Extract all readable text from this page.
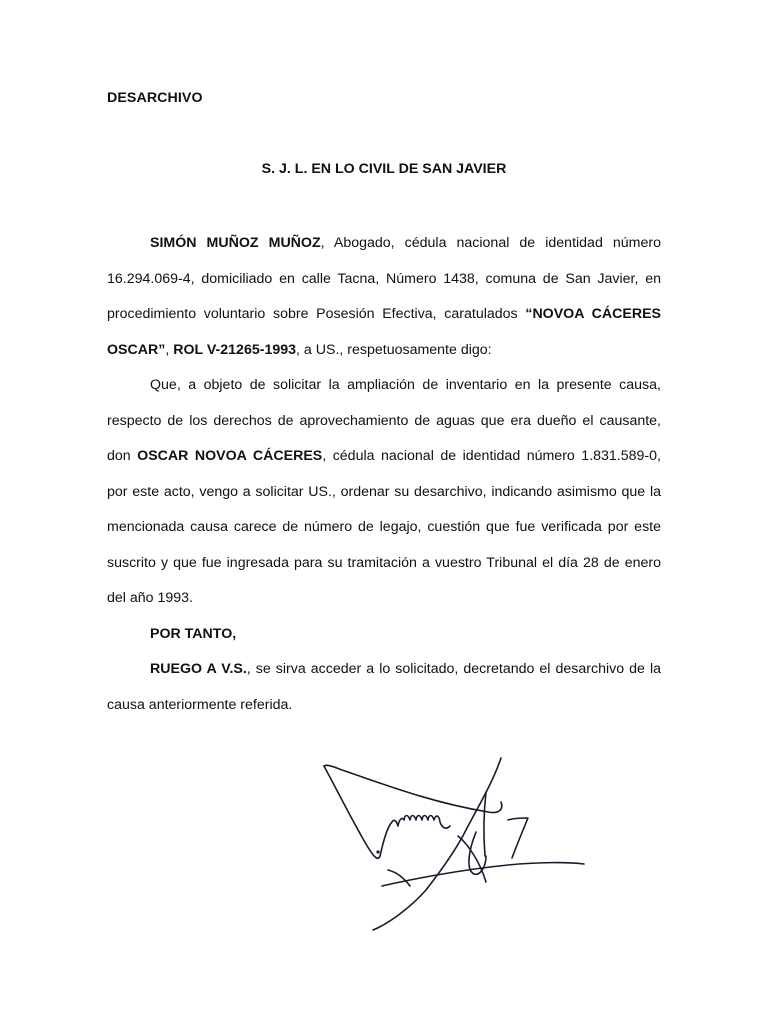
DESARCHIVO
S. J. L. EN LO CIVIL DE SAN JAVIER

SIMÓN MUÑOZ MUÑOZ, Abogado, cédula nacional de identidad número 16.294.069-4, domiciliado en calle Tacna, Número 1438, comuna de San Javier, en procedimiento voluntario sobre Posesión Efectiva, caratulados “NOVOA CÁCERES OSCAR”, ROL V-21265-1993, a US., respetuosamente digo:

Que, a objeto de solicitar la ampliación de inventario en la presente causa, respecto de los derechos de aprovechamiento de aguas que era dueño el causante, don OSCAR NOVOA CÁCERES, cédula nacional de identidad número 1.831.589-0, por este acto, vengo a solicitar US., ordenar su desarchivo, indicando asimismo que la mencionada causa carece de número de legajo, cuestión que fue verificada por este suscrito y que fue ingresada para su tramitación a vuestro Tribunal el día 28 de enero del año 1993.

POR TANTO,

RUEGO A V.S., se sirva acceder a lo solicitado, decretando el desarchivo de la causa anteriormente referida.
